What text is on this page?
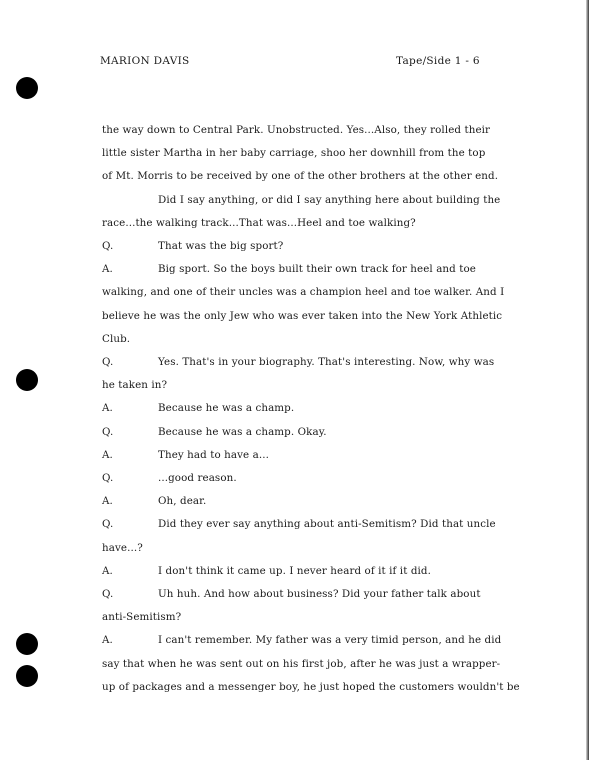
MARION DAVIS	Tape/Side 1 - 6
the way down to Central Park. Unobstructed. Yes...Also, they rolled their
little sister Martha in her baby carriage, shoo her downhill from the top
of Mt. Morris to be received by one of the other brothers at the other end.
Did I say anything, or did I say anything here about building the
race...the walking track...That was...Heel and toe walking?
Q.	That was the big sport?
A.	Big sport. So the boys built their own track for heel and toe
walking, and one of their uncles was a champion heel and toe walker. And I
believe he was the only Jew who was ever taken into the New York Athletic
Club.
Q.	Yes. That's in your biography. That's interesting. Now, why was
he taken in?
A.	Because he was a champ.
Q.	Because he was a champ. Okay.
A.	They had to have a...
Q.	...good reason.
A.	Oh, dear.
Q.	Did they ever say anything about anti-Semitism? Did that uncle
have...?
A.	I don't think it came up. I never heard of it if it did.
Q.	Uh huh. And how about business? Did your father talk about
anti-Semitism?
A.	I can't remember. My father was a very timid person, and he did
say that when he was sent out on his first job, after he was just a wrapper-
up of packages and a messenger boy, he just hoped the customers wouldn't be
